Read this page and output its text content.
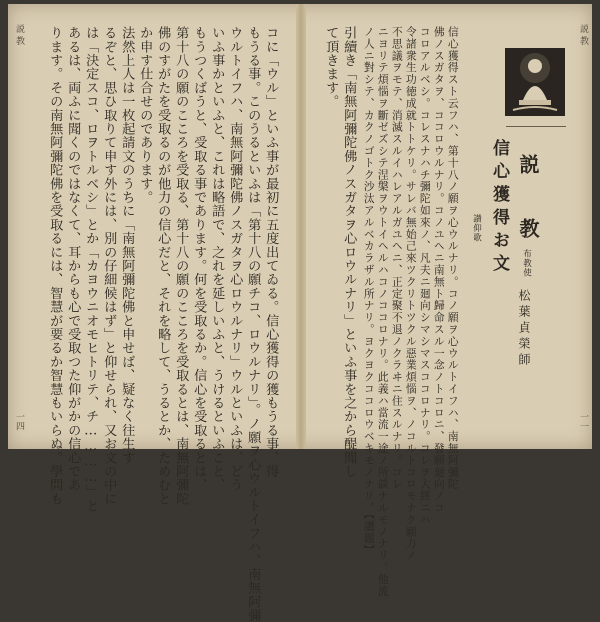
説教
一一
説 教
信心獲得お文 布教使
松葉貞榮師
讃仰歌
信心獲得スト云フハ、第十八ノ願ヲ心ウルナリ。コノ願ヲ心ウルトイフハ、南無阿彌陀
佛ノスガタヲ、ココロウルナリ。コノユヘニ南無ト歸命スル一念ノトコロニ、發願廻向ノコ
コロアルベシ。コレスナハチ彌陀如來ノ、凡夫ニ廻向シマシマスココロナリ。コレヲ大經ニハ
令諸衆生功徳成就トトケリ。サレバ無始己來ツクリトツクル惡業煩惱ヲ、ノコルトコロモナク願力ノ
不思議ヲモテ、消滅スルイハレアルガユヘニ、正定聚不退ノクラヰニ住スルナリ。コレ
ニヨリテ煩惱ヲ斷ゼズシテ涅槃ヲウトイヘルハコノココロナリ。此義ハ當流一途ノ所談ナルモノナリ。他流
ノ人ニ對シテ、カクノゴトク沙汰アルベカラザル所ナリ。ヨクヨクココロウベキモノナリ。【讃題】
引續き「南無阿彌陀佛ノスガタヲ心ロウルナリ」といふ事を之から醍聞し
て頂きます。
説教
一四	コに「ウル」といふ事が最初に五度出てゐる。信心獲得の獲もうる事、得
もうる事。このうるといふは「第十八の願チコ、ロウルナリ」。ノ願ヲ心ウルトイフハ、南無阿彌
ウルトイフハ、南無阿彌陀佛ノスガタヲ心ロウルナリ」ウルといふは、どう
いふ事かといふと、これは略語で、之れを延しいふと、うけるといふこと、
もうつくばうと、受取る事であります。何を受取るか。信心を受取るとは、
第十八の願のこころを受取る、第十八の願のこころを受取るとは、南無阿彌陀
佛のすがたを受取るのが他力の信心だと、それを略して、うるとか、ためむと
か申す仕合せのであります。
法然上人は一枚起請文のうちに「南無阿彌陀佛と申せば、疑なく往生す
るぞと、思ひ取りて申す外には、別の仔細候はず」と仰せられ、又お文の中に
は「決定スコ、ロヲトルベシ」とか「カヨウニオモヒトリテ、チ…………」と
あるは、両ふに聞くのではなくて、耳からも心で受取つた仰がかの信心であ
ります。その南無阿彌陀佛を受取るには、智慧が要るか智慧もいらぬ。學問も
